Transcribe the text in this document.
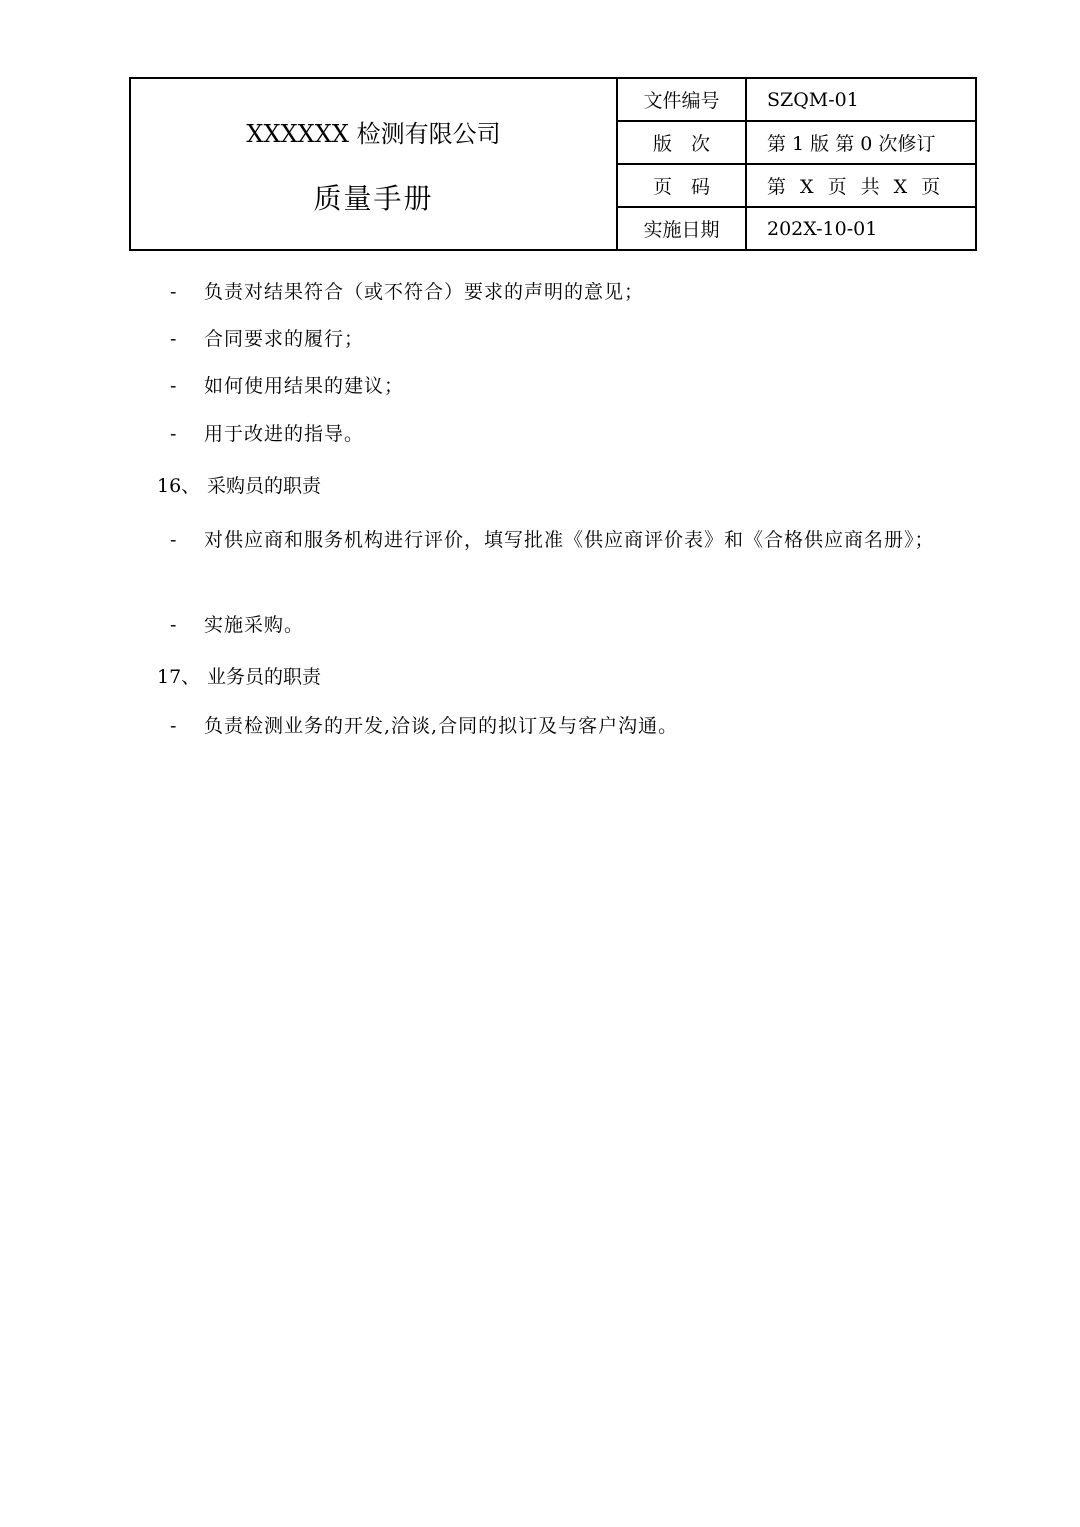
XXXXXX 检测有限公司
质量手册	文件编号	SZQM-01
	版　次	第 1 版 第 0 次修订
	页　码	第 X 页 共 X 页
	实施日期	202X-10-01
- 负责对结果符合（或不符合）要求的声明的意见；
- 合同要求的履行；
- 如何使用结果的建议；
- 用于改进的指导。
16、 采购员的职责
- 对供应商和服务机构进行评价，填写批准《供应商评价表》和《合格供应商名册》；
- 实施采购。
17、 业务员的职责
- 负责检测业务的开发,洽谈,合同的拟订及与客户沟通。
